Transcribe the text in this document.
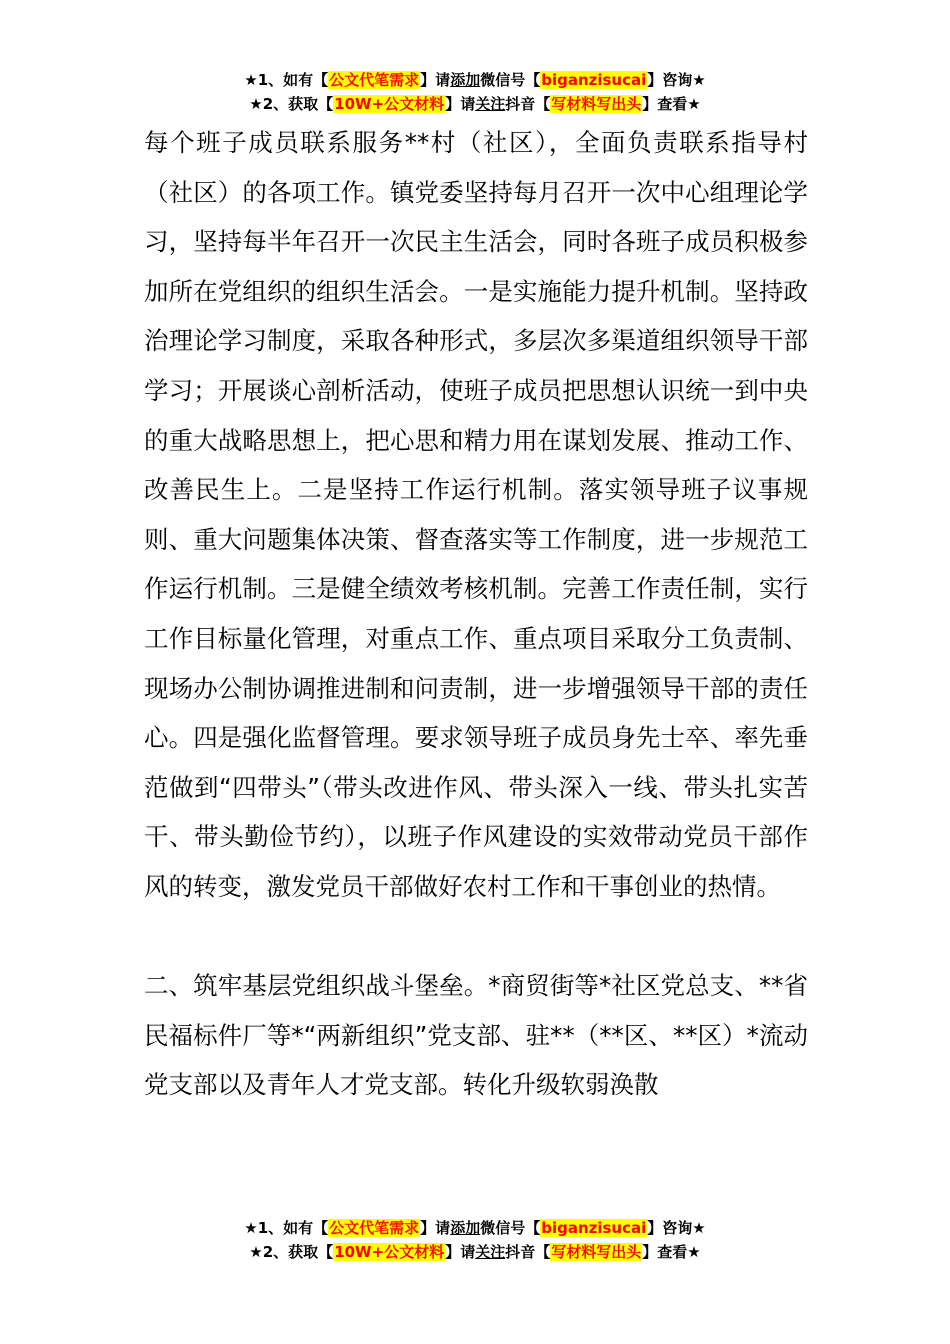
★1、如有【公文代笔需求】请添加微信号【biganzisucai】咨询★
★2、获取【10W+公文材料】请关注抖音【写材料写出头】查看★

每个班子成员联系服务**村（社区），全面负责联系指导村（社区）的各项工作。镇党委坚持每月召开一次中心组理论学习，坚持每半年召开一次民主生活会，同时各班子成员积极参加所在党组织的组织生活会。一是实施能力提升机制。坚持政治理论学习制度，采取各种形式，多层次多渠道组织领导干部学习；开展谈心剖析活动，使班子成员把思想认识统一到中央的重大战略思想上，把心思和精力用在谋划发展、推动工作、改善民生上。二是坚持工作运行机制。落实领导班子议事规则、重大问题集体决策、督查落实等工作制度，进一步规范工作运行机制。三是健全绩效考核机制。完善工作责任制，实行工作目标量化管理，对重点工作、重点项目采取分工负责制、现场办公制协调推进制和问责制，进一步增强领导干部的责任心。四是强化监督管理。要求领导班子成员身先士卒、率先垂范做到“四带头”（带头改进作风、带头深入一线、带头扎实苦干、带头勤俭节约），以班子作风建设的实效带动党员干部作风的转变，激发党员干部做好农村工作和干事创业的热情。

二、筑牢基层党组织战斗堡垒。*商贸街等*社区党总支、**省民福标件厂等*“两新组织”党支部、驻**（**区、**区）*流动党支部以及青年人才党支部。转化升级软弱涣散

★1、如有【公文代笔需求】请添加微信号【biganzisucai】咨询★
★2、获取【10W+公文材料】请关注抖音【写材料写出头】查看★
